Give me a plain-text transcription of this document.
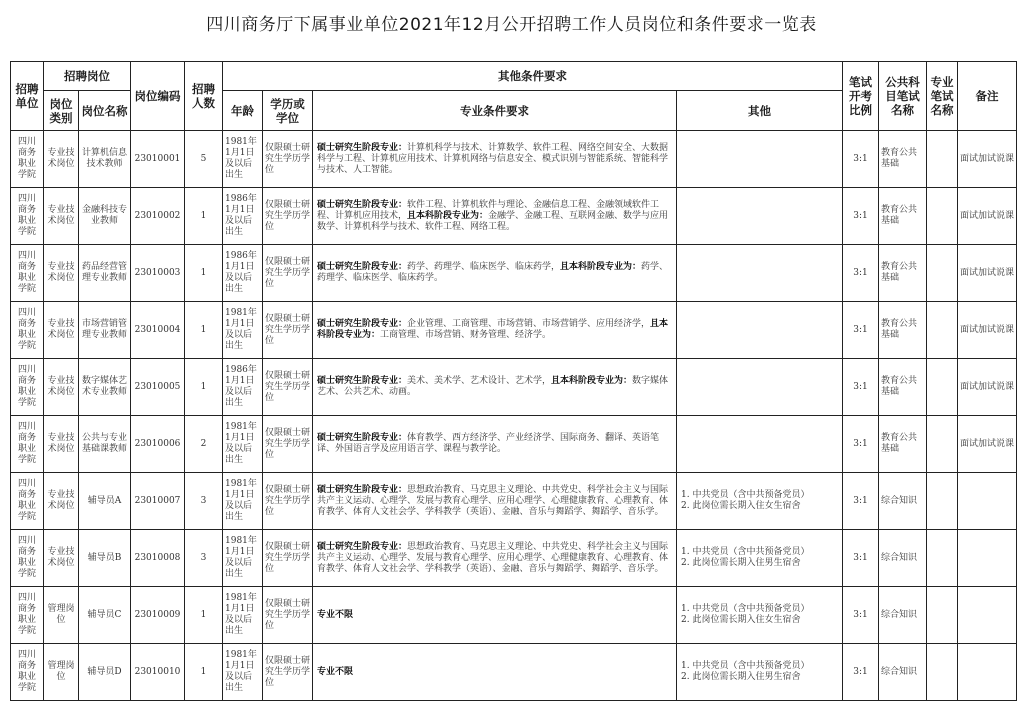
四川商务厅下属事业单位2021年12月公开招聘工作人员岗位和条件要求一览表
招聘单位	招聘岗位		岗位编码	招聘人数	其他条件要求				笔试开考比例	公共科目笔试名称	专业笔试名称	备注
	岗位类别	岗位名称			年龄	学历或学位	专业条件要求	其他				
四川商务职业学院	专业技术岗位	计算机信息技术教师	23010001	5	1981年1月1日及以后出生	仅限硕士研究生学历学位	硕士研究生阶段专业：计算机科学与技术、计算数学、软件工程、网络空间安全、大数据科学与工程、计算机应用技术、计算机网络与信息安全、模式识别与智能系统、智能科学与技术、人工智能。		3:1	教育公共基础		面试加试说课
四川商务职业学院	专业技术岗位	金融科技专业教师	23010002	1	1986年1月1日及以后出生	仅限硕士研究生学历学位	硕士研究生阶段专业：软件工程、计算机软件与理论、金融信息工程、金融领域软件工程、计算机应用技术，且本科阶段专业为：金融学、金融工程、互联网金融、数学与应用数学、计算机科学与技术、软件工程、网络工程。		3:1	教育公共基础		面试加试说课
四川商务职业学院	专业技术岗位	药品经营管理专业教师	23010003	1	1986年1月1日及以后出生	仅限硕士研究生学历学位	硕士研究生阶段专业：药学、药理学、临床医学、临床药学，且本科阶段专业为：药学、药理学、临床医学、临床药学。		3:1	教育公共基础		面试加试说课
四川商务职业学院	专业技术岗位	市场营销管理专业教师	23010004	1	1981年1月1日及以后出生	仅限硕士研究生学历学位	硕士研究生阶段专业：企业管理、工商管理、市场营销、市场营销学、应用经济学，且本科阶段专业为：工商管理、市场营销、财务管理、经济学。		3:1	教育公共基础		面试加试说课
四川商务职业学院	专业技术岗位	数字媒体艺术专业教师	23010005	1	1986年1月1日及以后出生	仅限硕士研究生学历学位	硕士研究生阶段专业：美术、美术学、艺术设计、艺术学，且本科阶段专业为：数字媒体艺术、公共艺术、动画。		3:1	教育公共基础		面试加试说课
四川商务职业学院	专业技术岗位	公共与专业基础课教师	23010006	2	1981年1月1日及以后出生	仅限硕士研究生学历学位	硕士研究生阶段专业：体育教学、西方经济学、产业经济学、国际商务、翻译、英语笔译、外国语言学及应用语言学、课程与教学论。		3:1	教育公共基础		面试加试说课
四川商务职业学院	专业技术岗位	辅导员A	23010007	3	1981年1月1日及以后出生	仅限硕士研究生学历学位	硕士研究生阶段专业：思想政治教育、马克思主义理论、中共党史、科学社会主义与国际共产主义运动、心理学、发展与教育心理学、应用心理学、心理健康教育、心理教育、体育教学、体育人文社会学、学科教学（英语）、金融、音乐与舞蹈学、舞蹈学、音乐学。	1. 中共党员（含中共预备党员）
2. 此岗位需长期入住女生宿舍	3:1	综合知识		
四川商务职业学院	专业技术岗位	辅导员B	23010008	3	1981年1月1日及以后出生	仅限硕士研究生学历学位	硕士研究生阶段专业：思想政治教育、马克思主义理论、中共党史、科学社会主义与国际共产主义运动、心理学、发展与教育心理学、应用心理学、心理健康教育、心理教育、体育教学、体育人文社会学、学科教学（英语）、金融、音乐与舞蹈学、舞蹈学、音乐学。	1. 中共党员（含中共预备党员）
2. 此岗位需长期入住男生宿舍	3:1	综合知识		
四川商务职业学院	管理岗位	辅导员C	23010009	1	1981年1月1日及以后出生	仅限硕士研究生学历学位	专业不限	1. 中共党员（含中共预备党员）
2. 此岗位需长期入住女生宿舍	3:1	综合知识		
四川商务职业学院	管理岗位	辅导员D	23010010	1	1981年1月1日及以后出生	仅限硕士研究生学历学位	专业不限	1. 中共党员（含中共预备党员）
2. 此岗位需长期入住男生宿舍	3:1	综合知识		
